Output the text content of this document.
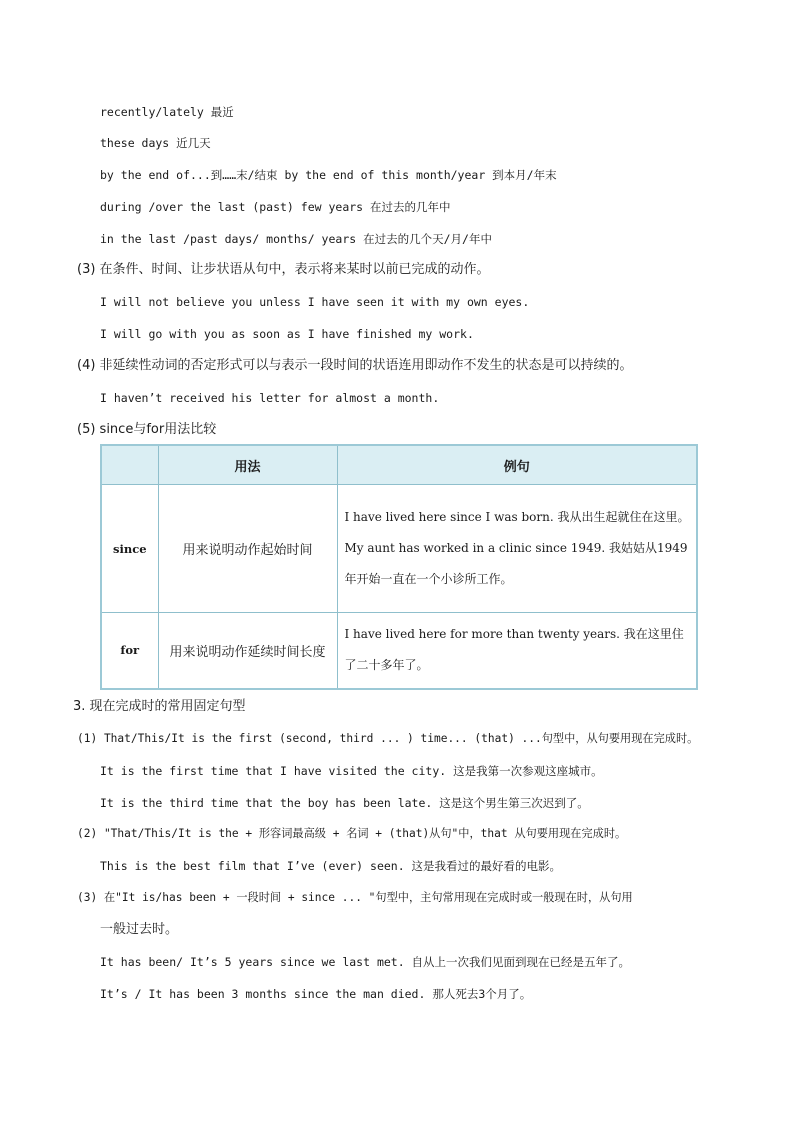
recently/lately 最近
these days 近几天
by the end of...到……末/结束 by the end of this month/year 到本月/年末
during /over the last (past) few years 在过去的几年中
in the last /past days/ months/ years 在过去的几个天/月/年中
(3) 在条件、时间、让步状语从句中，表示将来某时以前已完成的动作。
I will not believe you unless I have seen it with my own eyes.
I will go with you as soon as I have finished my work.
(4) 非延续性动词的否定形式可以与表示一段时间的状语连用即动作不发生的状态是可以持续的。
I haven’t received his letter for almost a month.
(5) since与for用法比较
	用法	例句
since	用来说明动作起始时间	I have lived here since I was born. 我从出生起就住在这里。
My aunt has worked in a clinic since 1949. 我姑姑从1949年开始一直在一个小诊所工作。

for	用来说明动作延续时间长度	I have lived here for more than twenty years. 我在这里住了二十多年了。
3. 现在完成时的常用固定句型
(1) That/This/It is the first (second, third ... ) time... (that) ...句型中，从句要用现在完成时。
It is the first time that I have visited the city. 这是我第一次参观这座城市。
It is the third time that the boy has been late. 这是这个男生第三次迟到了。
(2) "That/This/It is the + 形容词最高级 + 名词 + (that)从句"中，that 从句要用现在完成时。
This is the best film that I’ve (ever) seen. 这是我看过的最好看的电影。
(3) 在"It is/has been + 一段时间 + since ... "句型中，主句常用现在完成时或一般现在时，从句用
一般过去时。
It has been/ It’s 5 years since we last met. 自从上一次我们见面到现在已经是五年了。
It’s / It has been 3 months since the man died. 那人死去3个月了。
